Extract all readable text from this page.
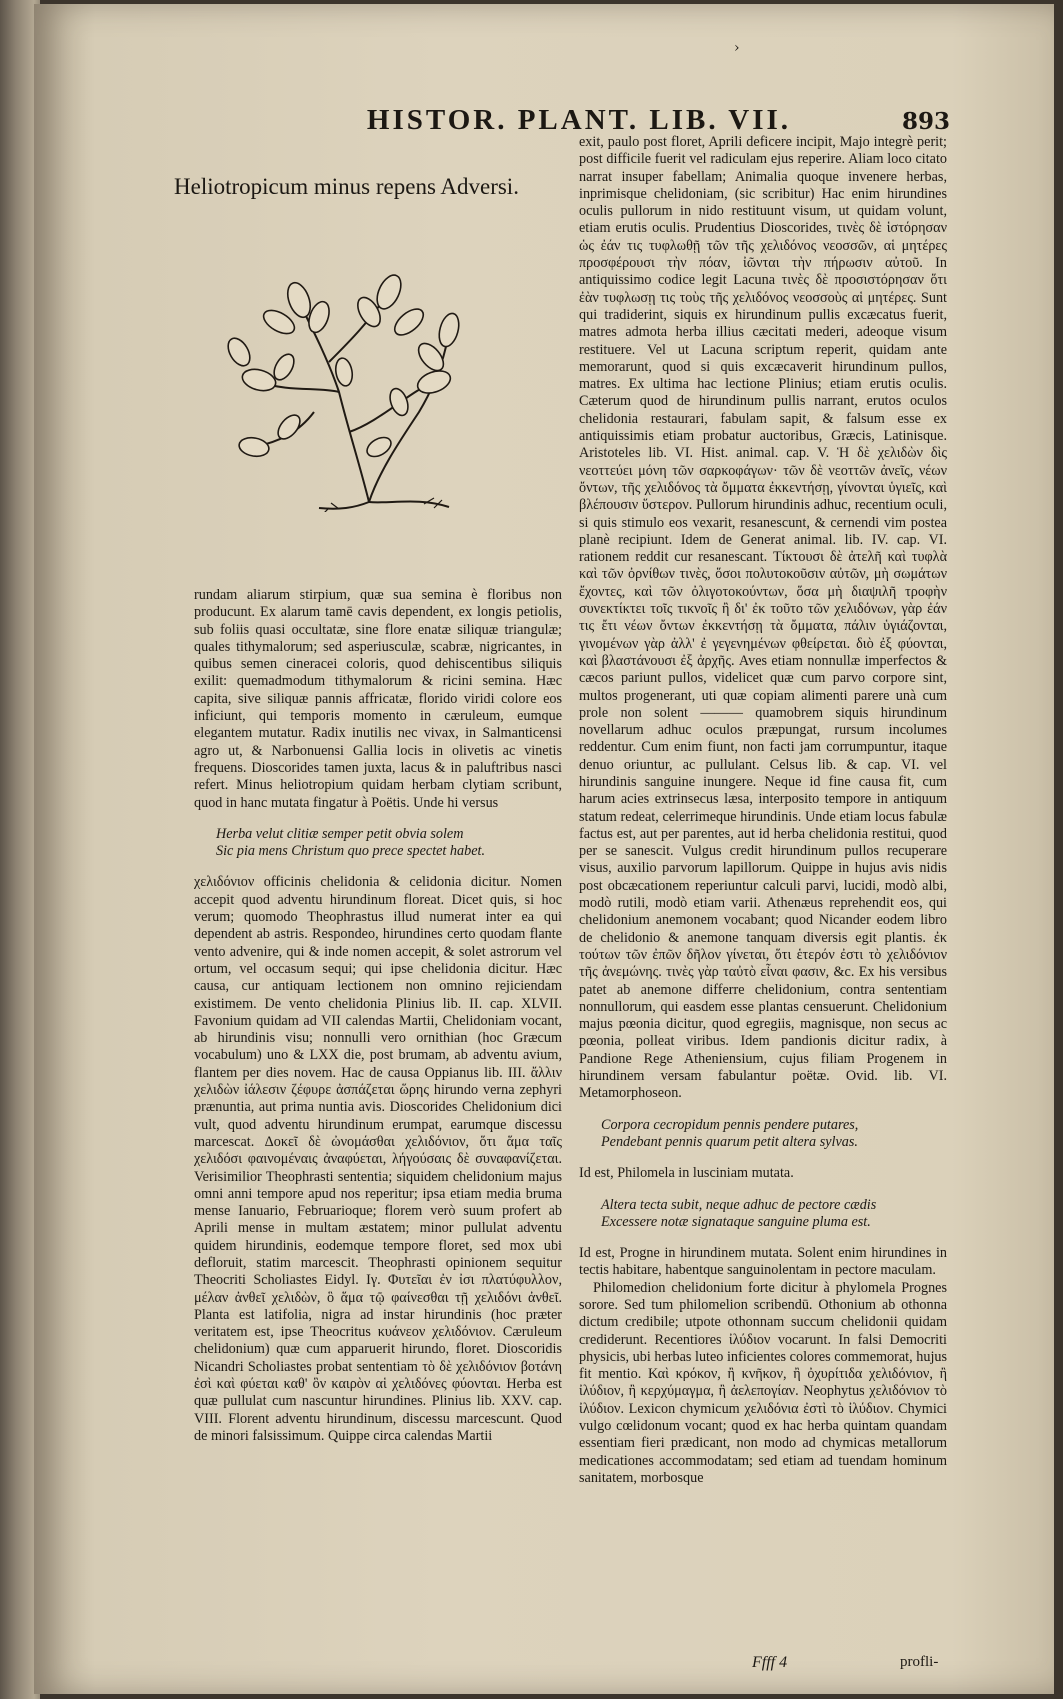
›
HISTOR. PLANT. LIB. VII.	893
Heliotropicum minus repens Adversi.

rundam aliarum stirpium, quæ sua semina è floribus non producunt. Ex alarum tamē cavis dependent, ex longis petiolis, sub foliis quasi occultatæ, sine flore enatæ siliquæ triangulæ; quales tithymalorum; sed asperiusculæ, scabræ, nigricantes, in quibus semen cineracei coloris, quod dehiscentibus siliquis exilit: quemadmodum tithymalorum & ricini semina. Hæc capita, sive siliquæ pannis affricatæ, florido viridi colore eos inficiunt, qui temporis momento in cæruleum, eumque elegantem mutatur. Radix inutilis nec vivax, in Salmanticensi agro ut, & Narbonuensi Gallia locis in olivetis ac vinetis frequens. Dioscorides tamen juxta, lacus & in paluftribus nasci refert. Minus heliotropium quidam herbam clytiam scribunt, quod in hanc mutata fingatur à Poëtis. Unde hi versus

Herba velut clitiæ semper petit obvia solem

Sic pia mens Christum quo prece spectet habet.

χελιδόνιον officinis chelidonia & celidonia dicitur. Nomen accepit quod adventu hirundinum floreat. Dicet quis, si hoc verum; quomodo Theophrastus illud numerat inter ea qui dependent ab astris. Respondeo, hirundines certo quodam flante vento advenire, qui & inde nomen accepit, & solet astrorum vel ortum, vel occasum sequi; qui ipse chelidonia dicitur. Hæc causa, cur antiquam lectionem non omnino rejiciendam existimem. De vento chelidonia Plinius lib. II. cap. XLVII. Favonium quidam ad VII calendas Martii, Chelidoniam vocant, ab hirundinis visu; nonnulli vero ornithian (hoc Græcum vocabulum) uno & LXX die, post brumam, ab adventu avium, flantem per dies novem. Hac de causa Oppianus lib. III. ἄλλιν χελιδὼν ἰάλεσιν ζέφυρε ἀσπάζεται ὥρης hirundo verna zephyri prænuntia, aut prima nuntia avis. Dioscorides Chelidonium dici vult, quod adventu hirundinum erumpat, earumque discessu marcescat. Δοκεῖ δὲ ὠνομάσθαι χελιδόνιον, ὅτι ἅμα ταῖς χελιδόσι φαινομέναις ἀναφύεται, λήγούσαις δὲ συναφανίζεται. Verisimilior Theophrasti sententia; siquidem chelidonium majus omni anni tempore apud nos reperitur; ipsa etiam media bruma mense Ianuario, Februarioque; florem verò suum profert ab Aprili mense in multam æstatem; minor pullulat adventu quidem hirundinis, eodemque tempore floret, sed mox ubi defloruit, statim marcescit. Theophrasti opinionem sequitur Theocriti Scholiastes Eidyl. Ιγ. Φυτεῖαι ἐν ἰσι πλατύφυλλον, μέλαν ἀνθεῖ χελιδὼν, ὃ ἅμα τῷ φαίνεσθαι τῇ χελιδόνι ἀνθεῖ. Planta est latifolia, nigra ad instar hirundinis (hoc præter veritatem est, ipse Theocritus κυάνεον χελιδόνιον. Cæruleum chelidonium) quæ cum apparuerit hirundo, floret. Dioscoridis Nicandri Scholiastes probat sententiam τὸ δὲ χελιδόνιον βοτάνη ἐσὶ καὶ φύεται καθ' ὃν καιρὸν αἱ χελιδόνες φύονται. Herba est quæ pullulat cum nascuntur hirundines. Plinius lib. XXV. cap. VIII. Florent adventu hirundinum, discessu marcescunt. Quod de minori falsissimum. Quippe circa calendas Martii

exit, paulo post floret, Aprili deficere incipit, Majo integrè perit; post difficile fuerit vel radiculam ejus reperire. Aliam loco citato narrat insuper fabellam; Animalia quoque invenere herbas, inprimisque chelidoniam, (sic scribitur) Hac enim hirundines oculis pullorum in nido restituunt visum, ut quidam volunt, etiam erutis oculis. Prudentius Dioscorides, τινὲς δὲ ἱστόρησαν ὡς ἐάν τις τυφλωθῇ τῶν τῆς χελιδόνος νεοσσῶν, αἱ μητέρες προσφέρουσι τὴν πόαν, ἰῶνται τὴν πήρωσιν αὐτοῦ. In antiquissimo codice legit Lacuna τινὲς δὲ προσιστόρησαν ὅτι ἐὰν τυφλωσῃ τις τοὺς τῆς χελιδόνος νεοσσοὺς αἱ μητέρες. Sunt qui tradiderint, siquis ex hirundinum pullis excæcatus fuerit, matres admota herba illius cæcitati mederi, adeoque visum restituere. Vel ut Lacuna scriptum reperit, quidam ante memorarunt, quod si quis excæcaverit hirundinum pullos, matres. Ex ultima hac lectione Plinius; etiam erutis oculis. Cæterum quod de hirundinum pullis narrant, erutos oculos chelidonia restaurari, fabulam sapit, & falsum esse ex antiquissimis etiam probatur auctoribus, Græcis, Latinisque. Aristoteles lib. VI. Hist. animal. cap. V. Ἡ δὲ χελιδὼν δὶς νεοττεύει μόνη τῶν σαρκοφάγων· τῶν δὲ νεοττῶν ἀνεῖς, νέων ὄντων, τῆς χελιδόνος τὰ ὄμματα ἐκκεντήσῃ, γίνονται ὑγιεῖς, καὶ βλέπουσιν ὕστερον. Pullorum hirundinis adhuc, recentium oculi, si quis stimulo eos vexarit, resanescunt, & cernendi vim postea planè recipiunt. Idem de Generat animal. lib. IV. cap. VI. rationem reddit cur resanescant. Τίκτουσι δὲ ἀτελῆ καὶ τυφλὰ καὶ τῶν ὀρνίθων τινὲς, ὅσοι πολυτοκοῦσιν αὐτῶν, μὴ σωμάτων ἔχοντες, καὶ τῶν ὀλιγοτοκούντων, ὅσα μὴ διαψιλῆ τροφὴν συνεκτίκτει τοῖς τικνοῖς ἢ δι' ἐκ τοῦτο τῶν χελιδόνων, γὰρ ἐάν τις ἔτι νέων ὄντων ἐκκεντήσῃ τὰ ὄμματα, πάλιν ὑγιάζονται, γινομένων γὰρ ἀλλ' ἐ γεγενημένων φθείρεται. διὸ ἐξ φύονται, καὶ βλαστάνουσι ἐξ ἀρχῆς. Aves etiam nonnullæ imperfectos & cæcos pariunt pullos, videlicet quæ cum parvo corpore sint, multos progenerant, uti quæ copiam alimenti parere unà cum prole non solent ——— quamobrem siquis hirundinum novellarum adhuc oculos præpungat, rursum incolumes reddentur. Cum enim fiunt, non facti jam corrumpuntur, itaque denuo oriuntur, ac pullulant. Celsus lib. & cap. VI. vel hirundinis sanguine inungere. Neque id fine causa fit, cum harum acies extrinsecus læsa, interposito tempore in antiquum statum redeat, celerrimeque hirundinis. Unde etiam locus fabulæ factus est, aut per parentes, aut id herba chelidonia restitui, quod per se sanescit. Vulgus credit hirundinum pullos recuperare visus, auxilio parvorum lapillorum. Quippe in hujus avis nidis post obcæcationem reperiuntur calculi parvi, lucidi, modò albi, modò rutili, modò etiam varii. Athenæus reprehendit eos, qui chelidonium anemonem vocabant; quod Nicander eodem libro de chelidonio & anemone tanquam diversis egit plantis. ἐκ τούτων τῶν ἐπῶν δῆλον γίνεται, ὅτι ἑτερόν ἐστι τὸ χελιδόνιον τῆς ἀνεμώνης. τινὲς γὰρ ταὐτὸ εἶναι φασιν, &c. Ex his versibus patet ab anemone differre chelidonium, contra sententiam nonnullorum, qui easdem esse plantas censuerunt. Chelidonium majus pœonia dicitur, quod egregiis, magnisque, non secus ac pœonia, polleat viribus. Idem pandionis dicitur radix, à Pandione Rege Atheniensium, cujus filiam Progenem in hirundinem versam fabulantur poëtæ. Ovid. lib. VI. Metamorphoseon.

Corpora cecropidum pennis pendere putares,

Pendebant pennis quarum petit altera sylvas.

Id est, Philomela in lusciniam mutata.

Altera tecta subit, neque adhuc de pectore cædis

Excessere notæ signataque sanguine pluma est.

Id est, Progne in hirundinem mutata. Solent enim hirundines in tectis habitare, habentque sanguinolentam in pectore maculam.

Philomedion chelidonium forte dicitur à phylomela Prognes sorore. Sed tum philomelion scribendū. Othonium ab othonna dictum credibile; utpote othonnam succum chelidonii quidam crediderunt. Recentiores ἰλύδιον vocarunt. In falsi Democriti physicis, ubi herbas luteo inficientes colores commemorat, hujus fit mentio. Καὶ κρόκον, ἢ κνῆκον, ἢ ὀχυρίτιδα χελιδόνιον, ἢ ἰλύδιον, ἢ κερχύμαγμα, ἢ ἀελεπογίαν. Neophytus χελιδόνιον τὸ ἰλύδιον. Lexicon chymicum χελιδόνια ἐστὶ τὸ ἰλύδιον. Chymici vulgo cœlidonum vocant; quod ex hac herba quintam quandam essentiam fieri prædicant, non modo ad chymicas metallorum medicationes accommodatam; sed etiam ad tuendam hominum sanitatem, morbosque

Ffff 4	profli-
